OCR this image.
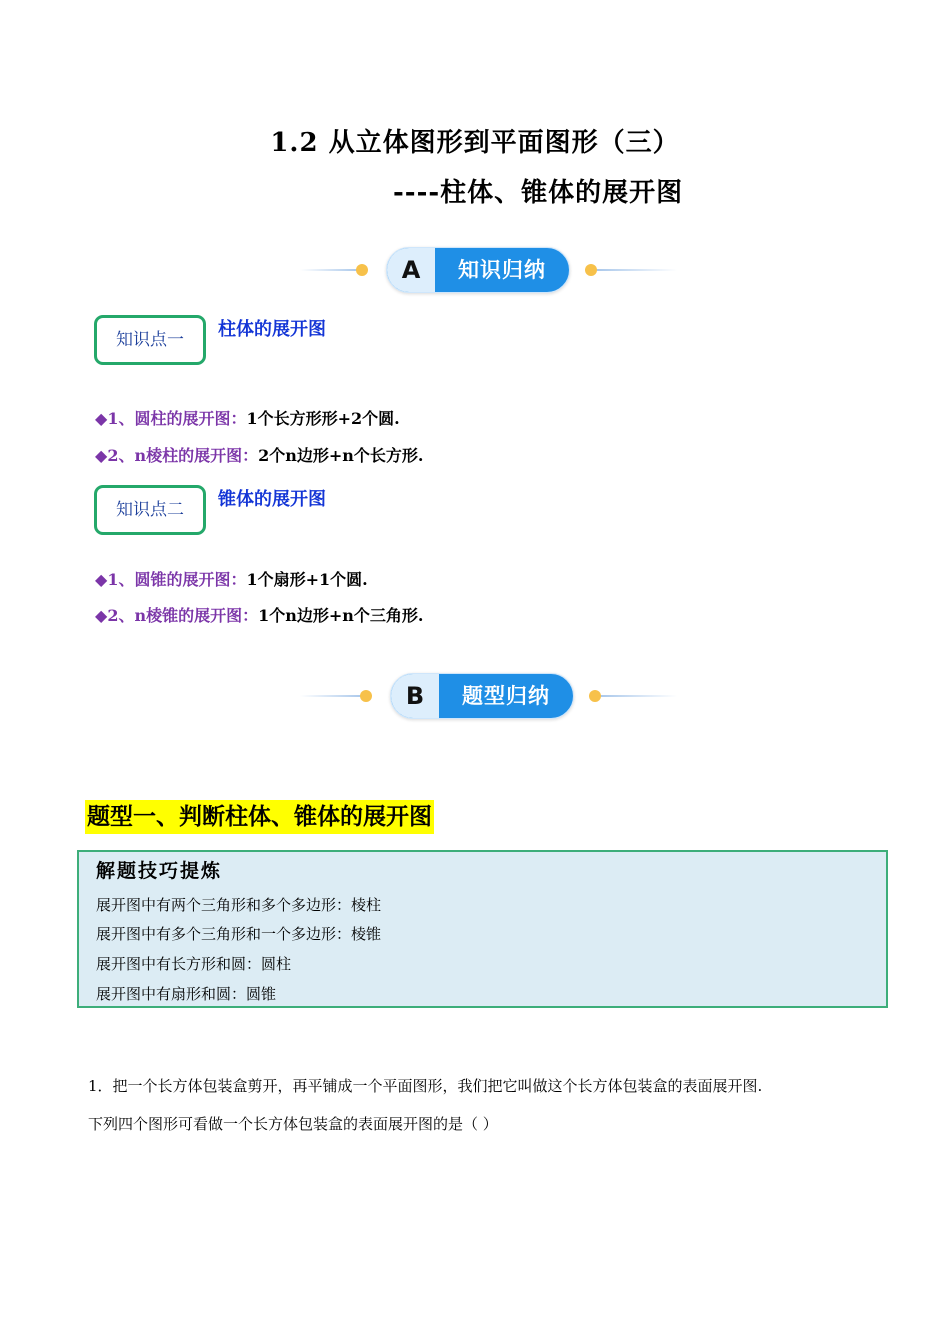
1.2 从立体图形到平面图形（三）
----柱体、锥体的展开图
A	知识归纳
知识点一	柱体的展开图
◆1、圆柱的展开图：1个长方形形+2个圆.
◆2、n棱柱的展开图：2个n边形+n个长方形.
知识点二	锥体的展开图
◆1、圆锥的展开图：1个扇形+1个圆.
◆2、n棱锥的展开图：1个n边形+n个三角形.
B	题型归纳
题型一、判断柱体、锥体的展开图
解题技巧提炼
展开图中有两个三角形和多个多边形：棱柱
展开图中有多个三角形和一个多边形：棱锥
展开图中有长方形和圆：圆柱
展开图中有扇形和圆：圆锥
1．把一个长方体包装盒剪开，再平铺成一个平面图形，我们把它叫做这个长方体包装盒的表面展开图.
下列四个图形可看做一个长方体包装盒的表面展开图的是（ ）
